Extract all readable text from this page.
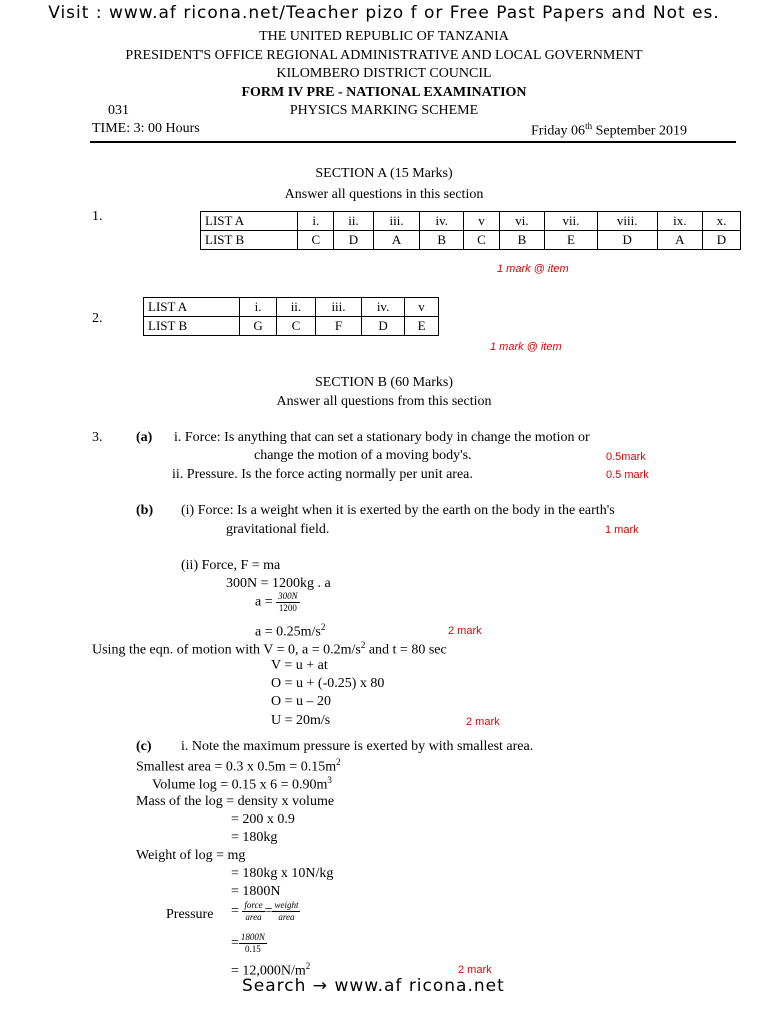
Visit : www.af ricona.net/Teacher pizo f or Free Past Papers and Not es.
THE UNITED REPUBLIC OF TANZANIA
PRESIDENT'S OFFICE REGIONAL ADMINISTRATIVE AND LOCAL GOVERNMENT
KILOMBERO DISTRICT COUNCIL
FORM IV PRE - NATIONAL EXAMINATION
PHYSICS MARKING SCHEME
031
TIME: 3: 00 Hours	Friday 06th September 2019
SECTION A (15 Marks)
Answer all questions in this section
1.	LIST A	i.	ii.	iii.	iv.	v	vi.	vii.	viii.	ix.	x.
LIST B	C	D	A	B	C	B	E	D	A	D
1 mark @ item
2.
LIST A	i.	ii.	iii.	iv.	v
LIST B	G	C	F	D	E
1 mark @ item
SECTION B (60 Marks)
Answer all questions from this section
3. (a) i. Force: Is anything that can set a stationary body in change the motion or
change the motion of a moving body's.	0.5mark
ii. Pressure. Is the force acting normally per unit area.	0.5 mark
(b) (i) Force: Is a weight when it is exerted by the earth on the body in the earth's
gravitational field.	1 mark
(ii) Force, F = ma
300N = 1200kg . a
$a = \frac{300N}{1200}$
$a = 0.25m/s^2$	2 mark
Using the eqn. of motion with V = 0, $a = 0.2m/s^2$ and t = 80 sec
V = u + at
O = u + (-0.25) x 80
O = u – 20
U = 20m/s	2 mark
(c) i. Note the maximum pressure is exerted by with smallest area.
Smallest area = 0.3 x $0.5m = 0.15m^2$
Volume log = 0.15 x $6 = 0.90m^3$
Mass of the log = density x volume
= 200 x 0.9
= 180kg
Weight of log = mg
= 180kg x 10N/kg
= 1800N
Pressure = $\frac{\text{force}}{\text{area}} = \frac{\text{weight}}{\text{area}}$
= $\frac{1800N}{0.15}$
= $12,000N/m^2$	2 mark
Search → www.af ricona.net
